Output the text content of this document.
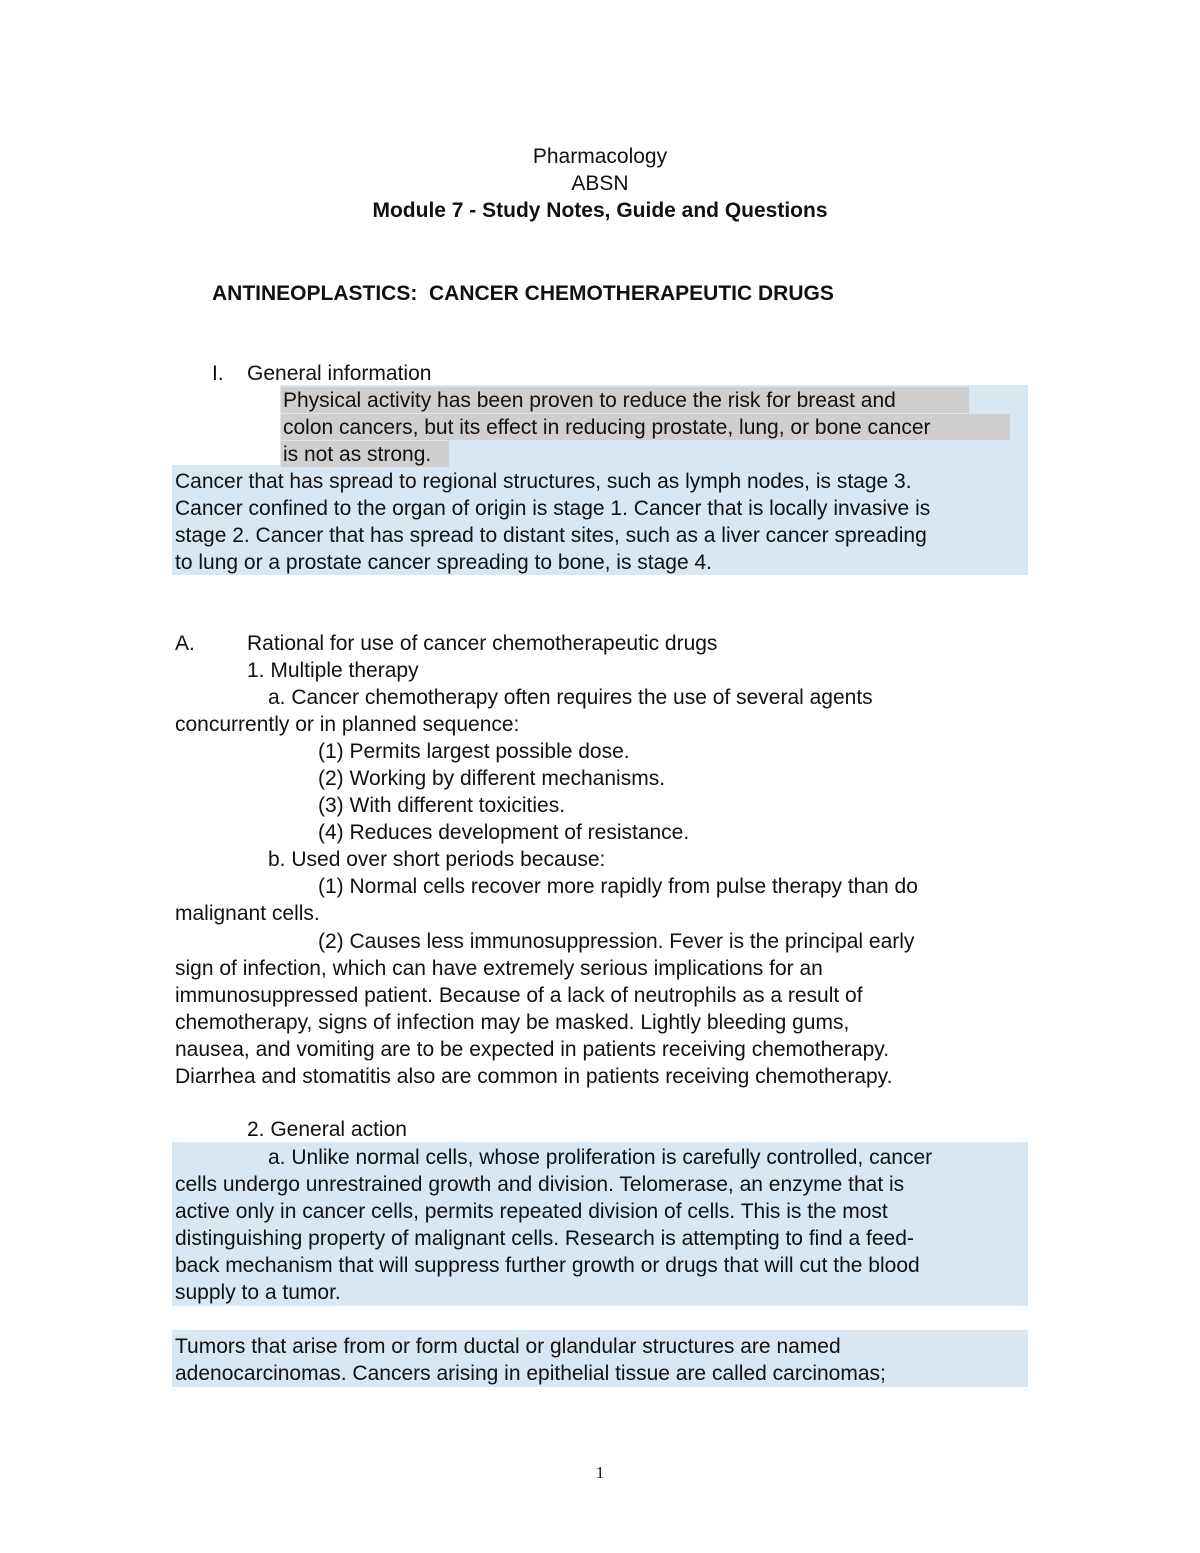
Pharmacology
ABSN
Module 7 - Study Notes, Guide and Questions
ANTINEOPLASTICS:  CANCER CHEMOTHERAPEUTIC DRUGS
I. General information
Physical activity has been proven to reduce the risk for breast and
colon cancers, but its effect in reducing prostate, lung, or bone cancer
is not as strong.
Cancer that has spread to regional structures, such as lymph nodes, is stage 3.
Cancer confined to the organ of origin is stage 1. Cancer that is locally invasive is
stage 2. Cancer that has spread to distant sites, such as a liver cancer spreading
to lung or a prostate cancer spreading to bone, is stage 4.
A. Rational for use of cancer chemotherapeutic drugs
1. Multiple therapy
a. Cancer chemotherapy often requires the use of several agents
concurrently or in planned sequence:
(1) Permits largest possible dose.
(2) Working by different mechanisms.
(3) With different toxicities.
(4) Reduces development of resistance.
b. Used over short periods because:
(1) Normal cells recover more rapidly from pulse therapy than do
malignant cells.
(2) Causes less immunosuppression. Fever is the principal early
sign of infection, which can have extremely serious implications for an
immunosuppressed patient. Because of a lack of neutrophils as a result of
chemotherapy, signs of infection may be masked. Lightly bleeding gums,
nausea, and vomiting are to be expected in patients receiving chemotherapy.
Diarrhea and stomatitis also are common in patients receiving chemotherapy.
2. General action
a. Unlike normal cells, whose proliferation is carefully controlled, cancer
cells undergo unrestrained growth and division. Telomerase, an enzyme that is
active only in cancer cells, permits repeated division of cells. This is the most
distinguishing property of malignant cells. Research is attempting to find a feed-
back mechanism that will suppress further growth or drugs that will cut the blood
supply to a tumor.
Tumors that arise from or form ductal or glandular structures are named
adenocarcinomas. Cancers arising in epithelial tissue are called carcinomas;
1
